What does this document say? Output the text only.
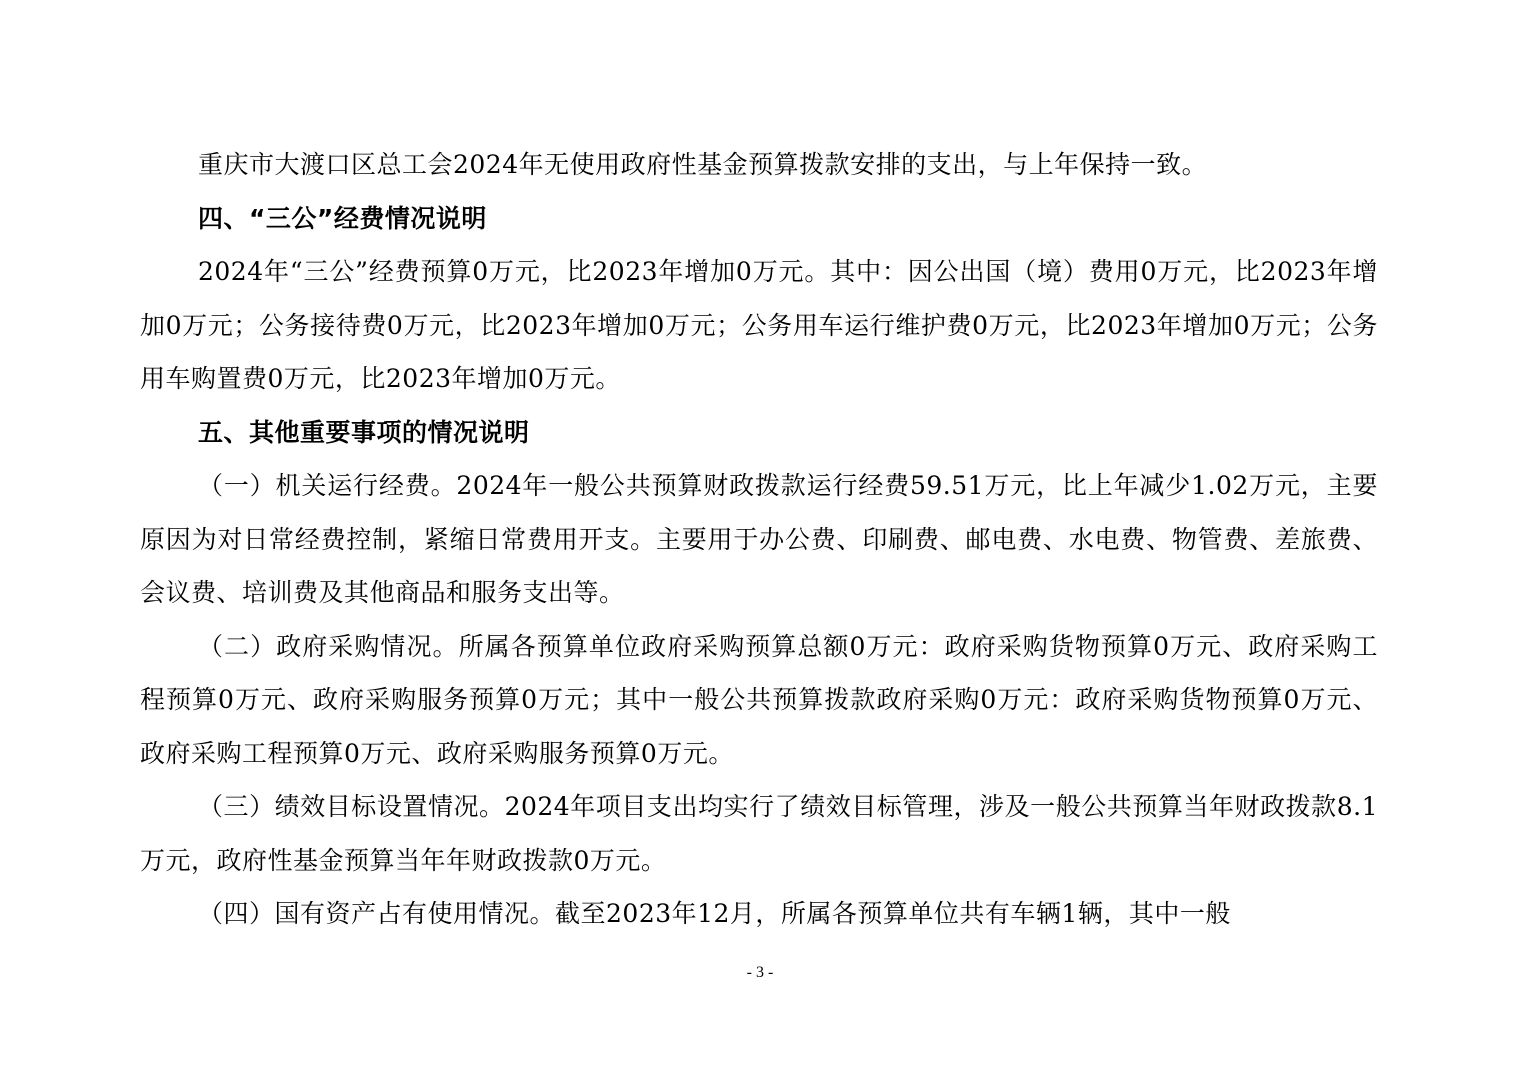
重庆市大渡口区总工会2024年无使用政府性基金预算拨款安排的支出，与上年保持一致。

四、“三公”经费情况说明

2024年“三公”经费预算0万元，比2023年增加0万元。其中：因公出国（境）费用0万元，比2023年增加0万元；公务接待费0万元，比2023年增加0万元；公务用车运行维护费0万元，比2023年增加0万元；公务用车购置费0万元，比2023年增加0万元。

五、其他重要事项的情况说明

（一）机关运行经费。2024年一般公共预算财政拨款运行经费59.51万元，比上年减少1.02万元，主要原因为对日常经费控制，紧缩日常费用开支。主要用于办公费、印刷费、邮电费、水电费、物管费、差旅费、会议费、培训费及其他商品和服务支出等。

（二）政府采购情况。所属各预算单位政府采购预算总额0万元：政府采购货物预算0万元、政府采购工程预算0万元、政府采购服务预算0万元；其中一般公共预算拨款政府采购0万元：政府采购货物预算0万元、政府采购工程预算0万元、政府采购服务预算0万元。

（三）绩效目标设置情况。2024年项目支出均实行了绩效目标管理，涉及一般公共预算当年财政拨款8.1万元，政府性基金预算当年年财政拨款0万元。

（四）国有资产占有使用情况。截至2023年12月，所属各预算单位共有车辆1辆，其中一般

- 3 -
